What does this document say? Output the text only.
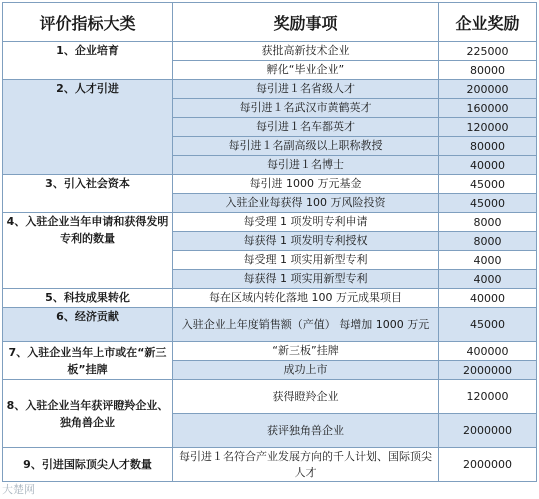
评价指标大类	奖励事项	企业奖励
1、企业培育	获批高新技术企业	225000
	孵化“毕业企业”	80000
2、人才引进	每引进１名省级人才	200000
	每引进１名武汉市黄鹤英才	160000
	每引进１名车都英才	120000
	每引进１名副高级以上职称教授	80000
	每引进１名博士	40000
3、引入社会资本	每引进 1000 万元基金	45000
	入驻企业每获得 100 万风险投资	45000
4、入驻企业当年申请和获得发明专利的数量	每受理 1 项发明专利申请	8000
	每获得 1 项发明专利授权	8000
	每受理 1 项实用新型专利	4000
	每获得 1 项实用新型专利	4000
5、科技成果转化	每在区域内转化落地 100 万元成果项目	40000
6、经济贡献	入驻企业上年度销售额（产值） 每增加 1000 万元	45000
7、入驻企业当年上市或在“新三板”挂牌	“新三板”挂牌	400000
	成功上市	2000000
8、入驻企业当年获评瞪羚企业、独角兽企业	获得瞪羚企业	120000
	获评独角兽企业	2000000
9、引进国际顶尖人才数量	每引进１名符合产业发展方向的千人计划、国际顶尖人才	2000000
大楚网
